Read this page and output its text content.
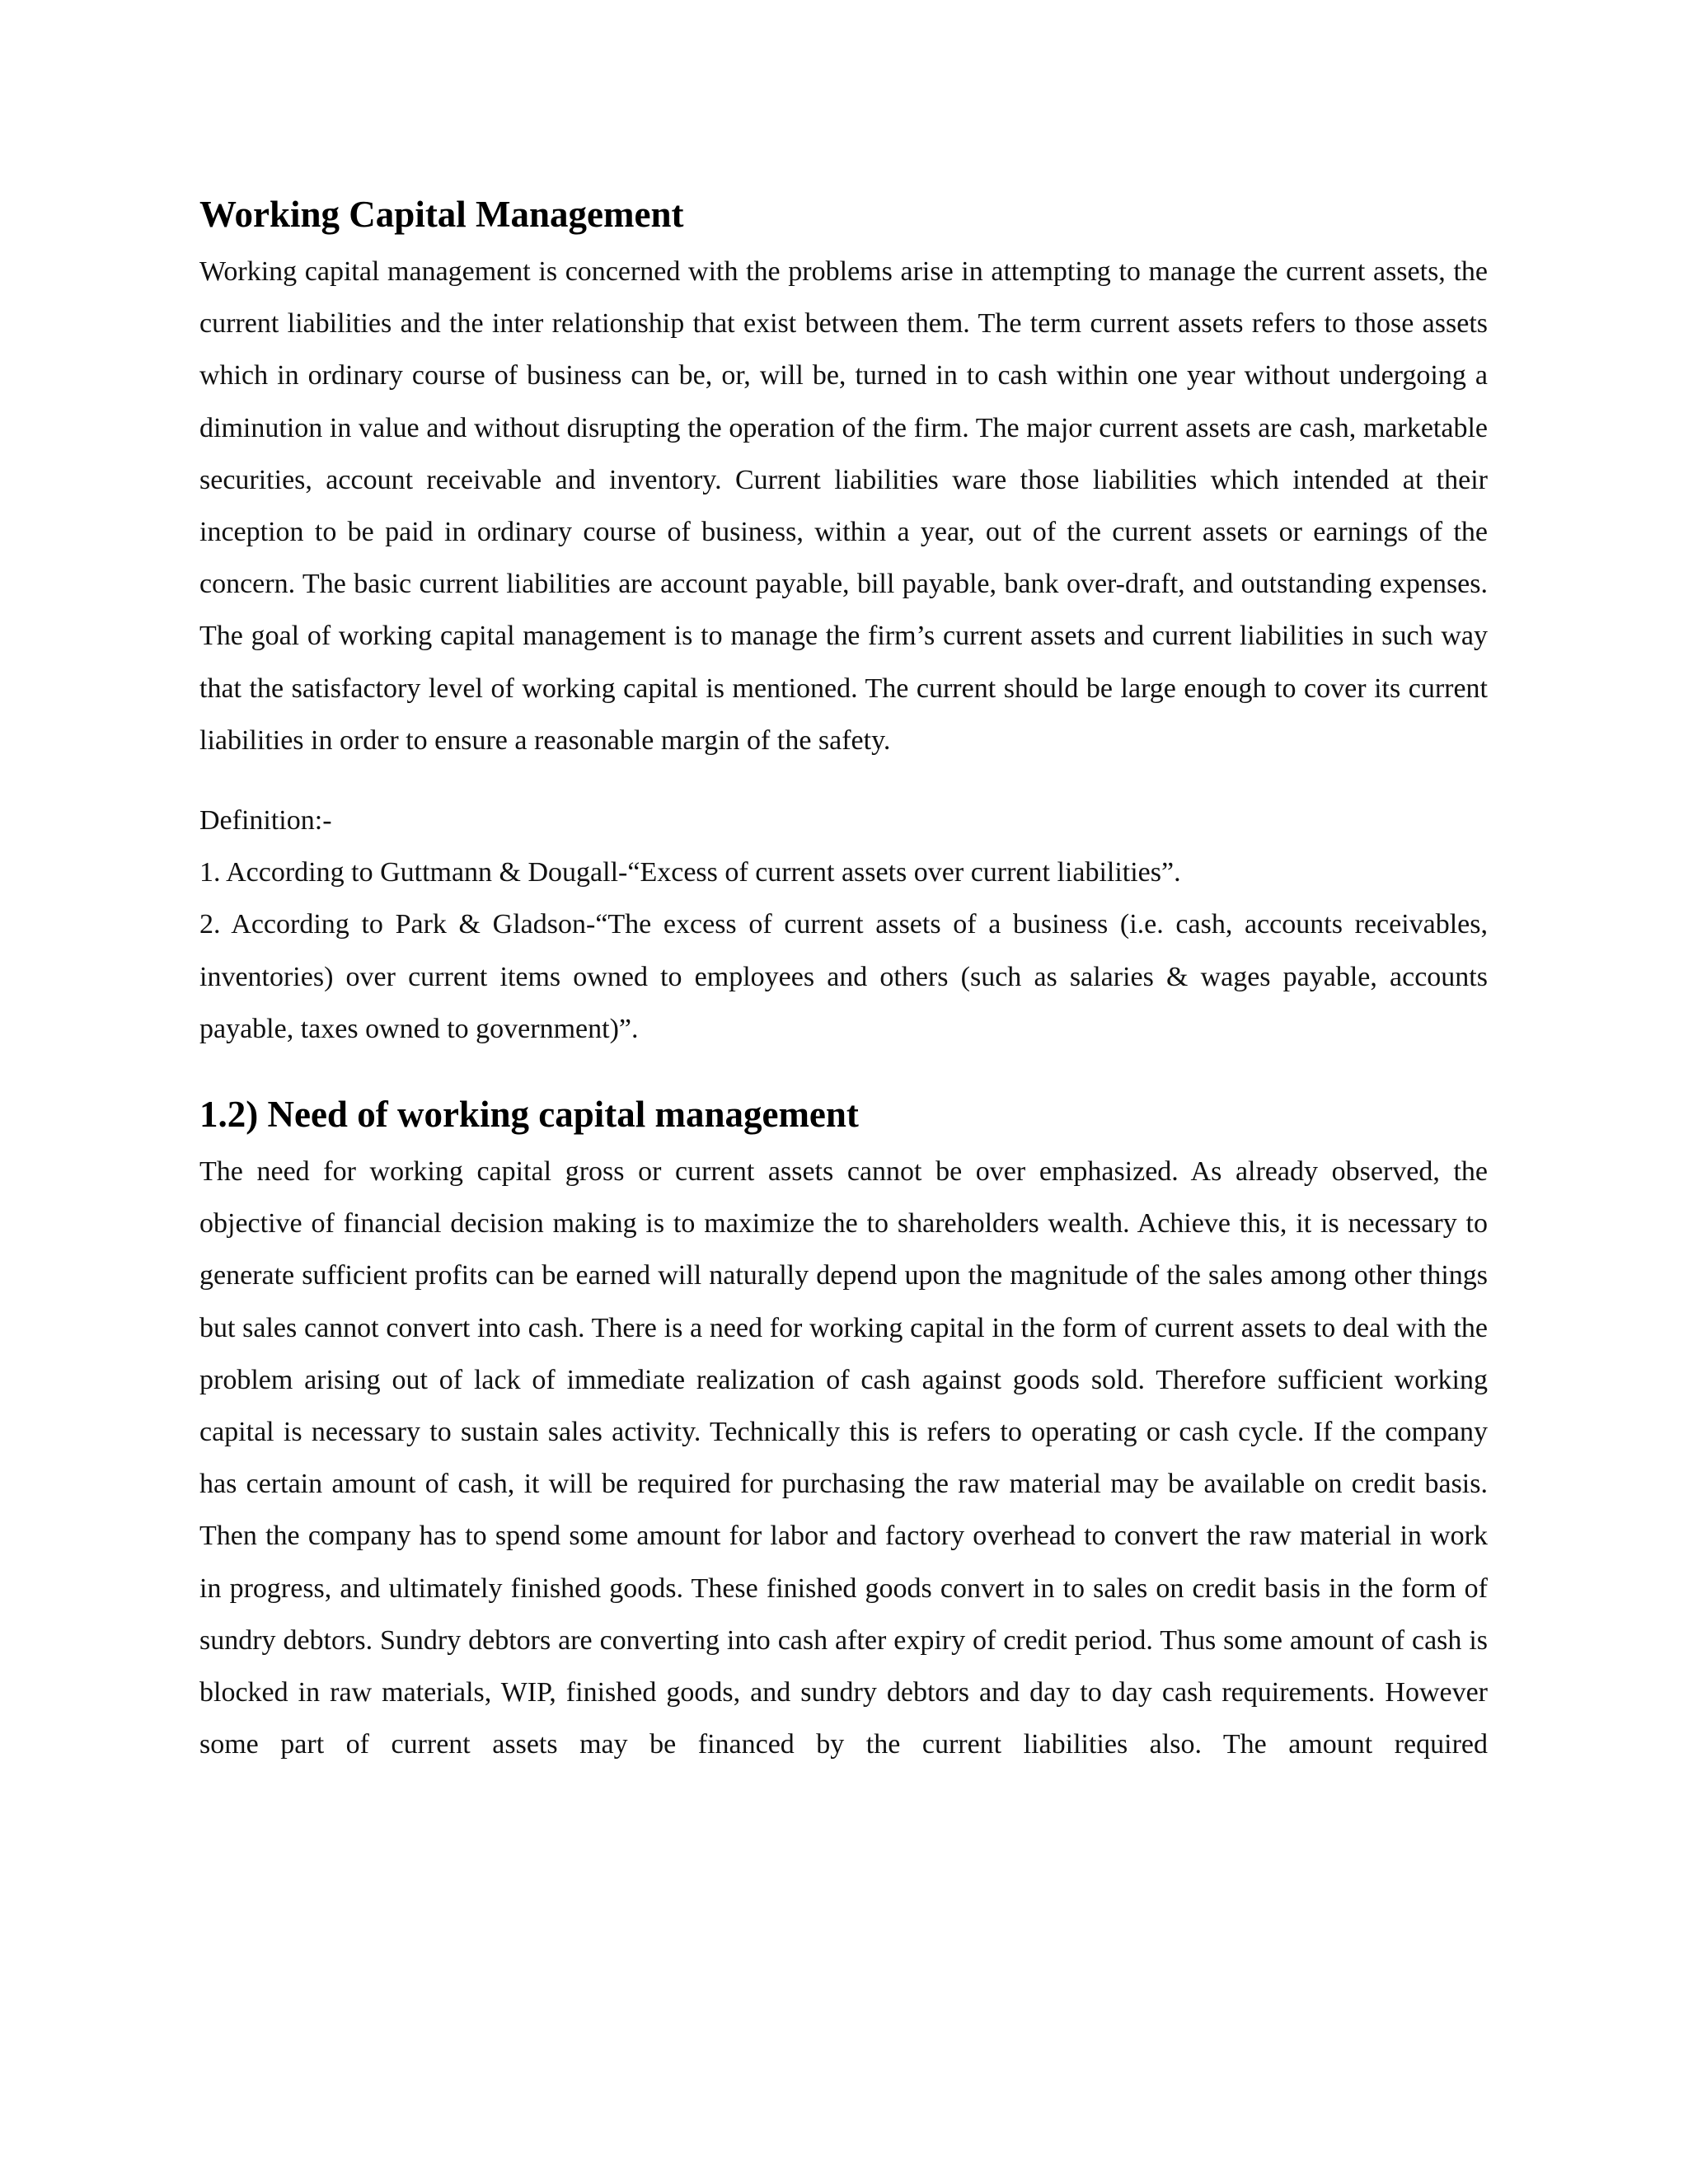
Working Capital Management

Working capital management is concerned with the problems arise in attempting to manage the current assets, the current liabilities and the inter relationship that exist between them. The term current assets refers to those assets which in ordinary course of business can be, or, will be, turned in to cash within one year without undergoing a diminution in value and without disrupting the operation of the firm. The major current assets are cash, marketable securities, account receivable and inventory. Current liabilities ware those liabilities which intended at their inception to be paid in ordinary course of business, within a year, out of the current assets or earnings of the concern. The basic current liabilities are account payable, bill payable, bank over-draft, and outstanding expenses. The goal of working capital management is to manage the firm’s current assets and current liabilities in such way that the satisfactory level of working capital is mentioned. The current should be large enough to cover its current liabilities in order to ensure a reasonable margin of the safety.

Definition:-

1. According to Guttmann & Dougall-“Excess of current assets over current liabilities”.

2. According to Park & Gladson-“The excess of current assets of a business (i.e. cash, accounts receivables, inventories) over current items owned to employees and others (such as salaries & wages payable, accounts payable, taxes owned to government)”.

1.2) Need of working capital management

The need for working capital gross or current assets cannot be over emphasized. As already observed, the objective of financial decision making is to maximize the to shareholders wealth. Achieve this, it is necessary to generate sufficient profits can be earned will naturally depend upon the magnitude of the sales among other things but sales cannot convert into cash. There is a need for working capital in the form of current assets to deal with the problem arising out of lack of immediate realization of cash against goods sold. Therefore sufficient working capital is necessary to sustain sales activity. Technically this is refers to operating or cash cycle. If the company has certain amount of cash, it will be required for purchasing the raw material may be available on credit basis. Then the company has to spend some amount for labor and factory overhead to convert the raw material in work in progress, and ultimately finished goods. These finished goods convert in to sales on credit basis in the form of sundry debtors. Sundry debtors are converting into cash after expiry of credit period. Thus some amount of cash is blocked in raw materials, WIP, finished goods, and sundry debtors and day to day cash requirements. However some part of current assets may be financed by the current liabilities also. The amount required
